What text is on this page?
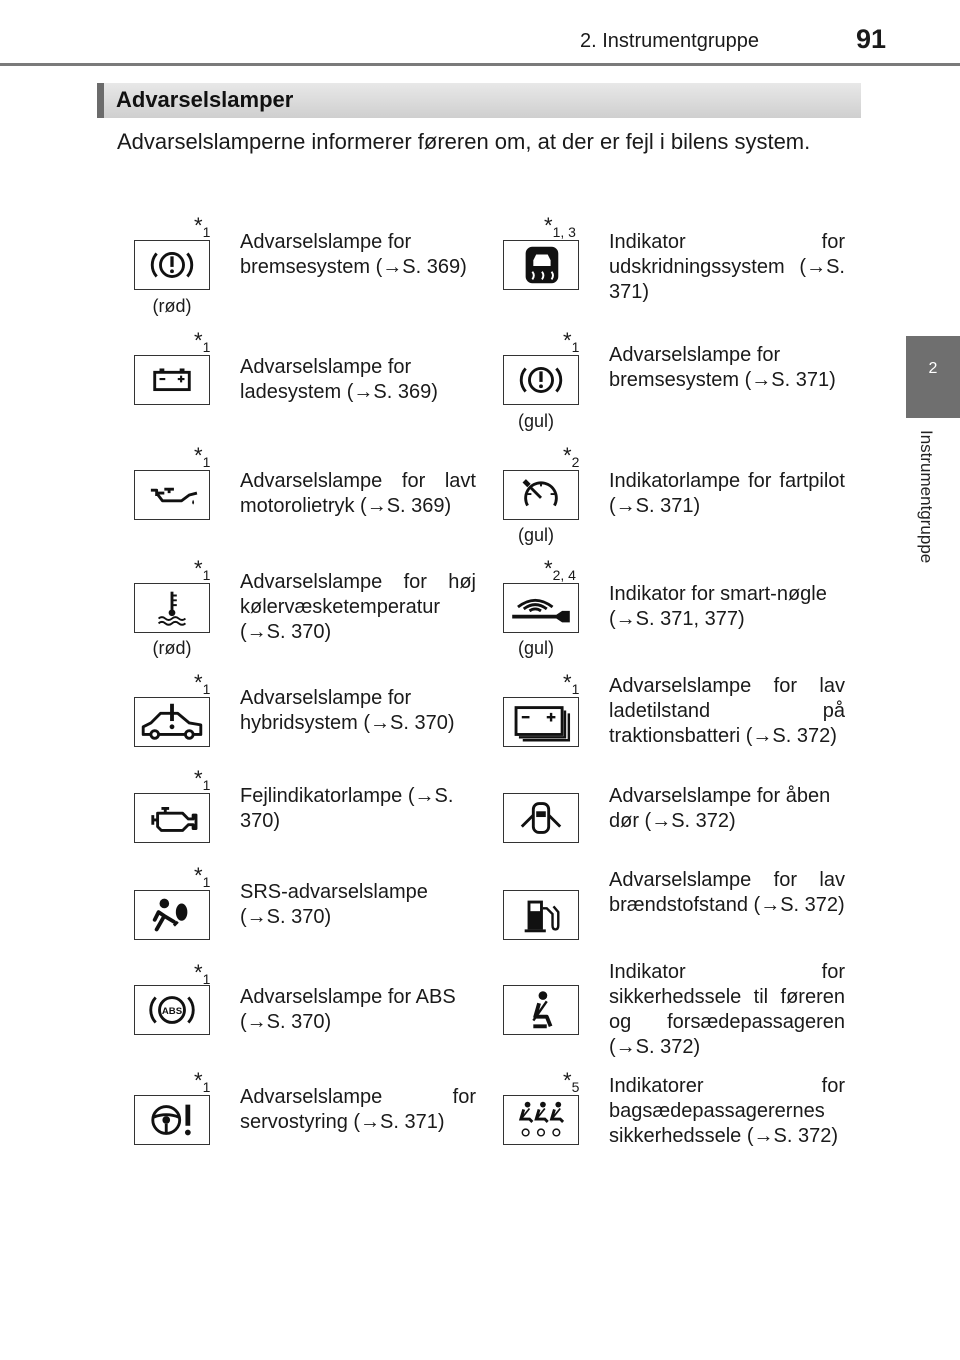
2. Instrumentgruppe	91
2
Instrumentgruppe
Advarselslamper
Advarselslamperne informerer føreren om, at der er fejl i bilens system.
$*_1$
(rød)
Advarselslampe for bremsesystem (→S. 369)
$*_1$
Advarselslampe for ladesystem (→S. 369)
$*_1$
Advarselslampe for lavt motorolietryk (→S. 369)
$*_1$
(rød)
Advarselslampe for høj kølervæsketemperatur (→S. 370)
$*_1$ Advarselslampe for hybridsystem (→S. 370)
$*_1$ Fejlindikatorlampe (→S. 370)
$*_1$ SRS-advarselslampe (→S. 370)
ABS
$*_1$
Advarselslampe for ABS (→S. 370)
$*_1$ Advarselslampe for servostyring (→S. 371)
$*_{1, 3}$ Indikator for udskridningssystem (→S. 371)
$*_1$
(gul)
Advarselslampe for bremsesystem (→S. 371)
$*_2$
(gul)
Indikatorlampe for fartpilot (→S. 371)
$*_{2, 4}$
(gul)
Indikator for smart-nøgle (→S. 371, 377)
$*_1$ Advarselslampe for lav ladetilstand på traktionsbatteri (→S. 372)
Advarselslampe for åben dør (→S. 372)
Advarselslampe for lav brændstofstand (→S. 372)
Indikator for sikkerhedssele til føreren og forsædepassageren (→S. 372)
$*_5$ Indikatorer for bagsædepassagerernes sikkerhedssele (→S. 372)
